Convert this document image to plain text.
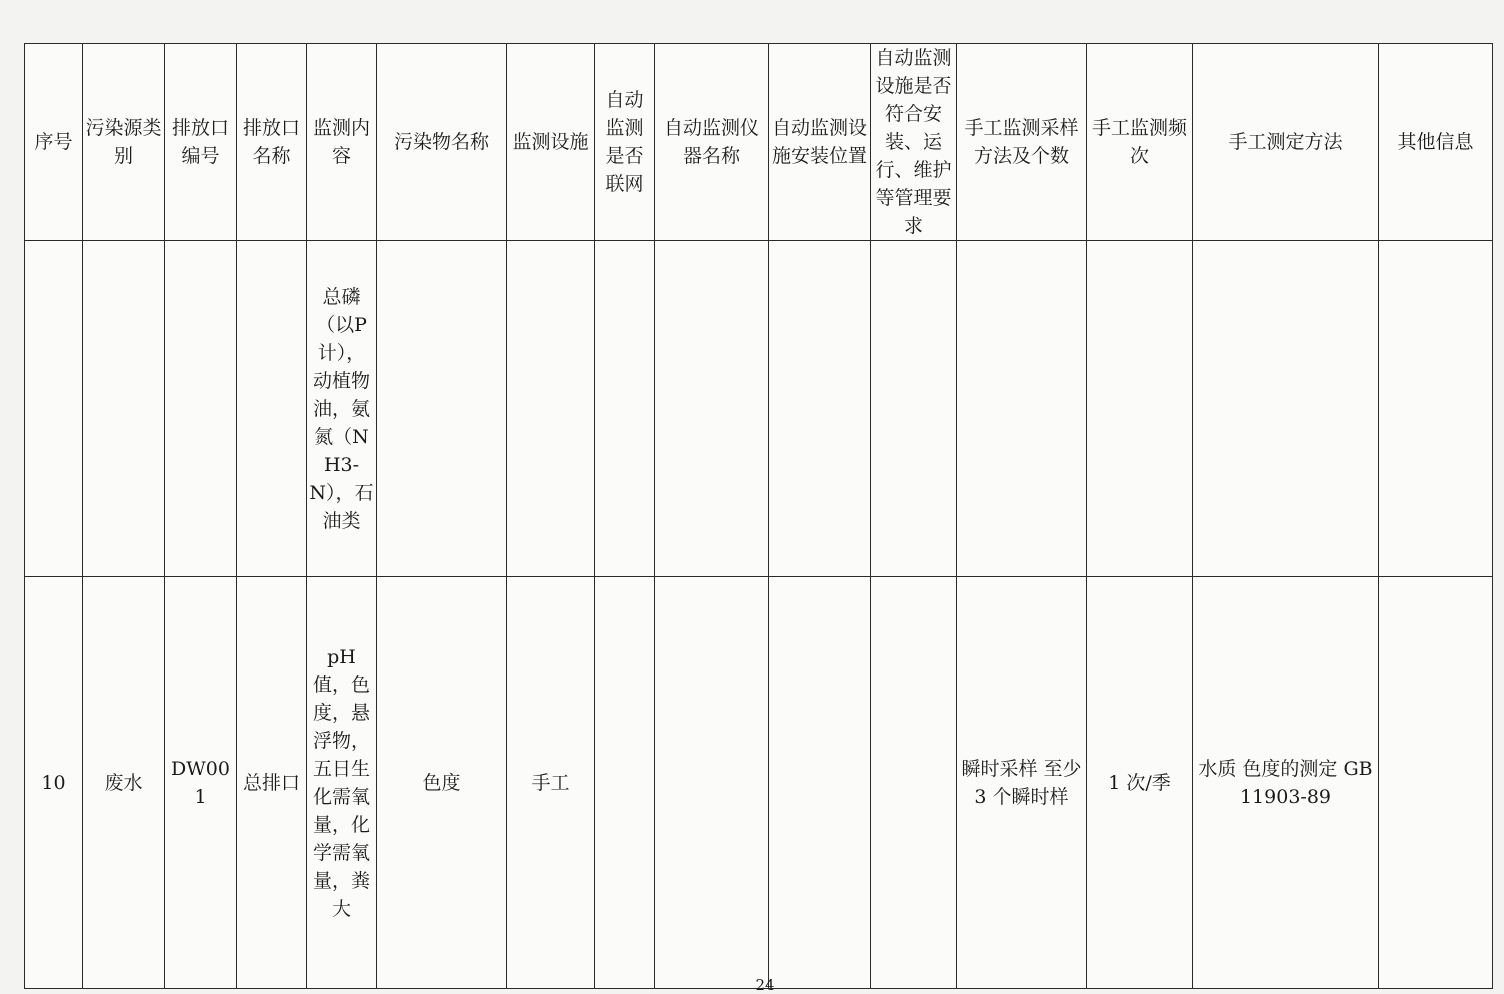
序号	污染源类别	排放口编号	排放口名称	监测内容	污染物名称	监测设施	自动监测是否联网	自动监测仪器名称	自动监测设施安装位置	自动监测设施是否符合安装、运行、维护等管理要求	手工监测采样方法及个数	手工监测频次	手工测定方法	其他信息
				总磷（以P计），动植物油，氨氮（NH3-N），石油类										
10	废水	DW001	总排口	pH值，色度，悬浮物，五日生化需氧量，化学需氧量，粪大	色度	手工					瞬时采样 至少 3 个瞬时样	1 次/季	水质 色度的测定 GB 11903-89	
24
